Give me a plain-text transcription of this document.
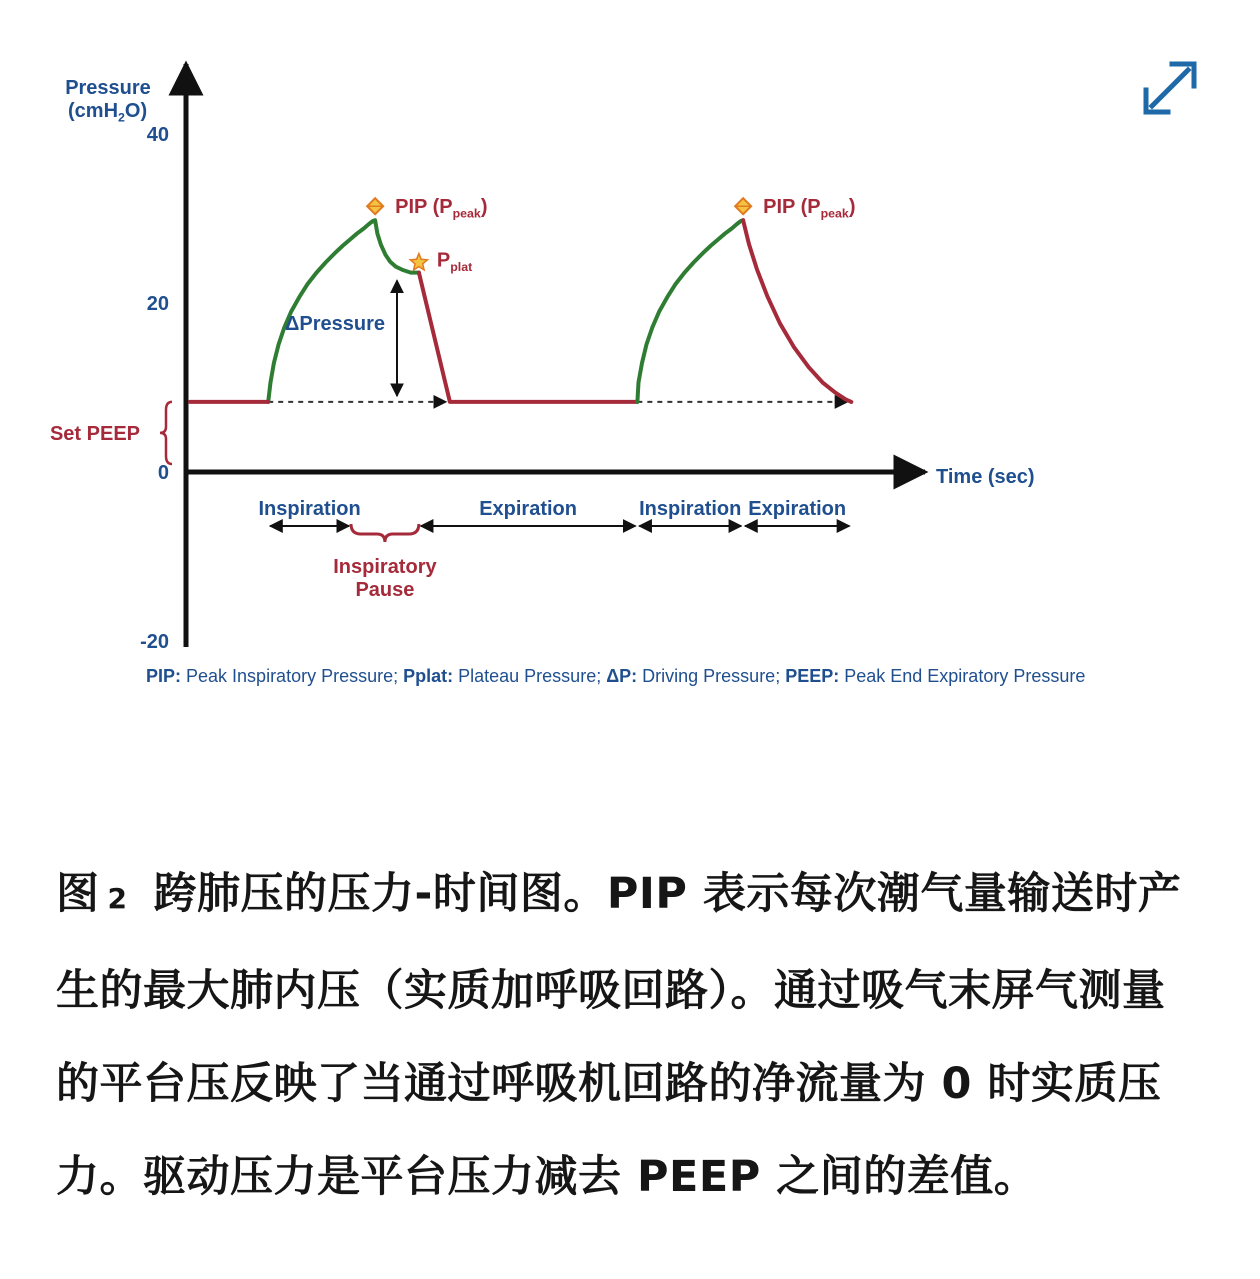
Pressure
(cmH$_2$O)
Time (sec)
40
20
0
-20
ΔPressure
PIP $(P_{peak})$
$P_{plat}$
PIP $(P_{peak})$
Set PEEP
Inspiration	Expiration	Inspiration Expiration
Inspiratory
Pause
PIP: Peak Inspiratory Pressure; Pplat: Plateau Pressure; ΔP: Driving Pressure; PEEP: Peak End Expiratory Pressure
图 2 跨肺压的压力-时间图。PIP 表示每次潮气量输送时产生的最大肺内压（实质加呼吸回路）。通过吸气末屏气测量的平台压反映了当通过呼吸机回路的净流量为 0 时实质压力。驱动压力是平台压力减去 PEEP 之间的差值。
